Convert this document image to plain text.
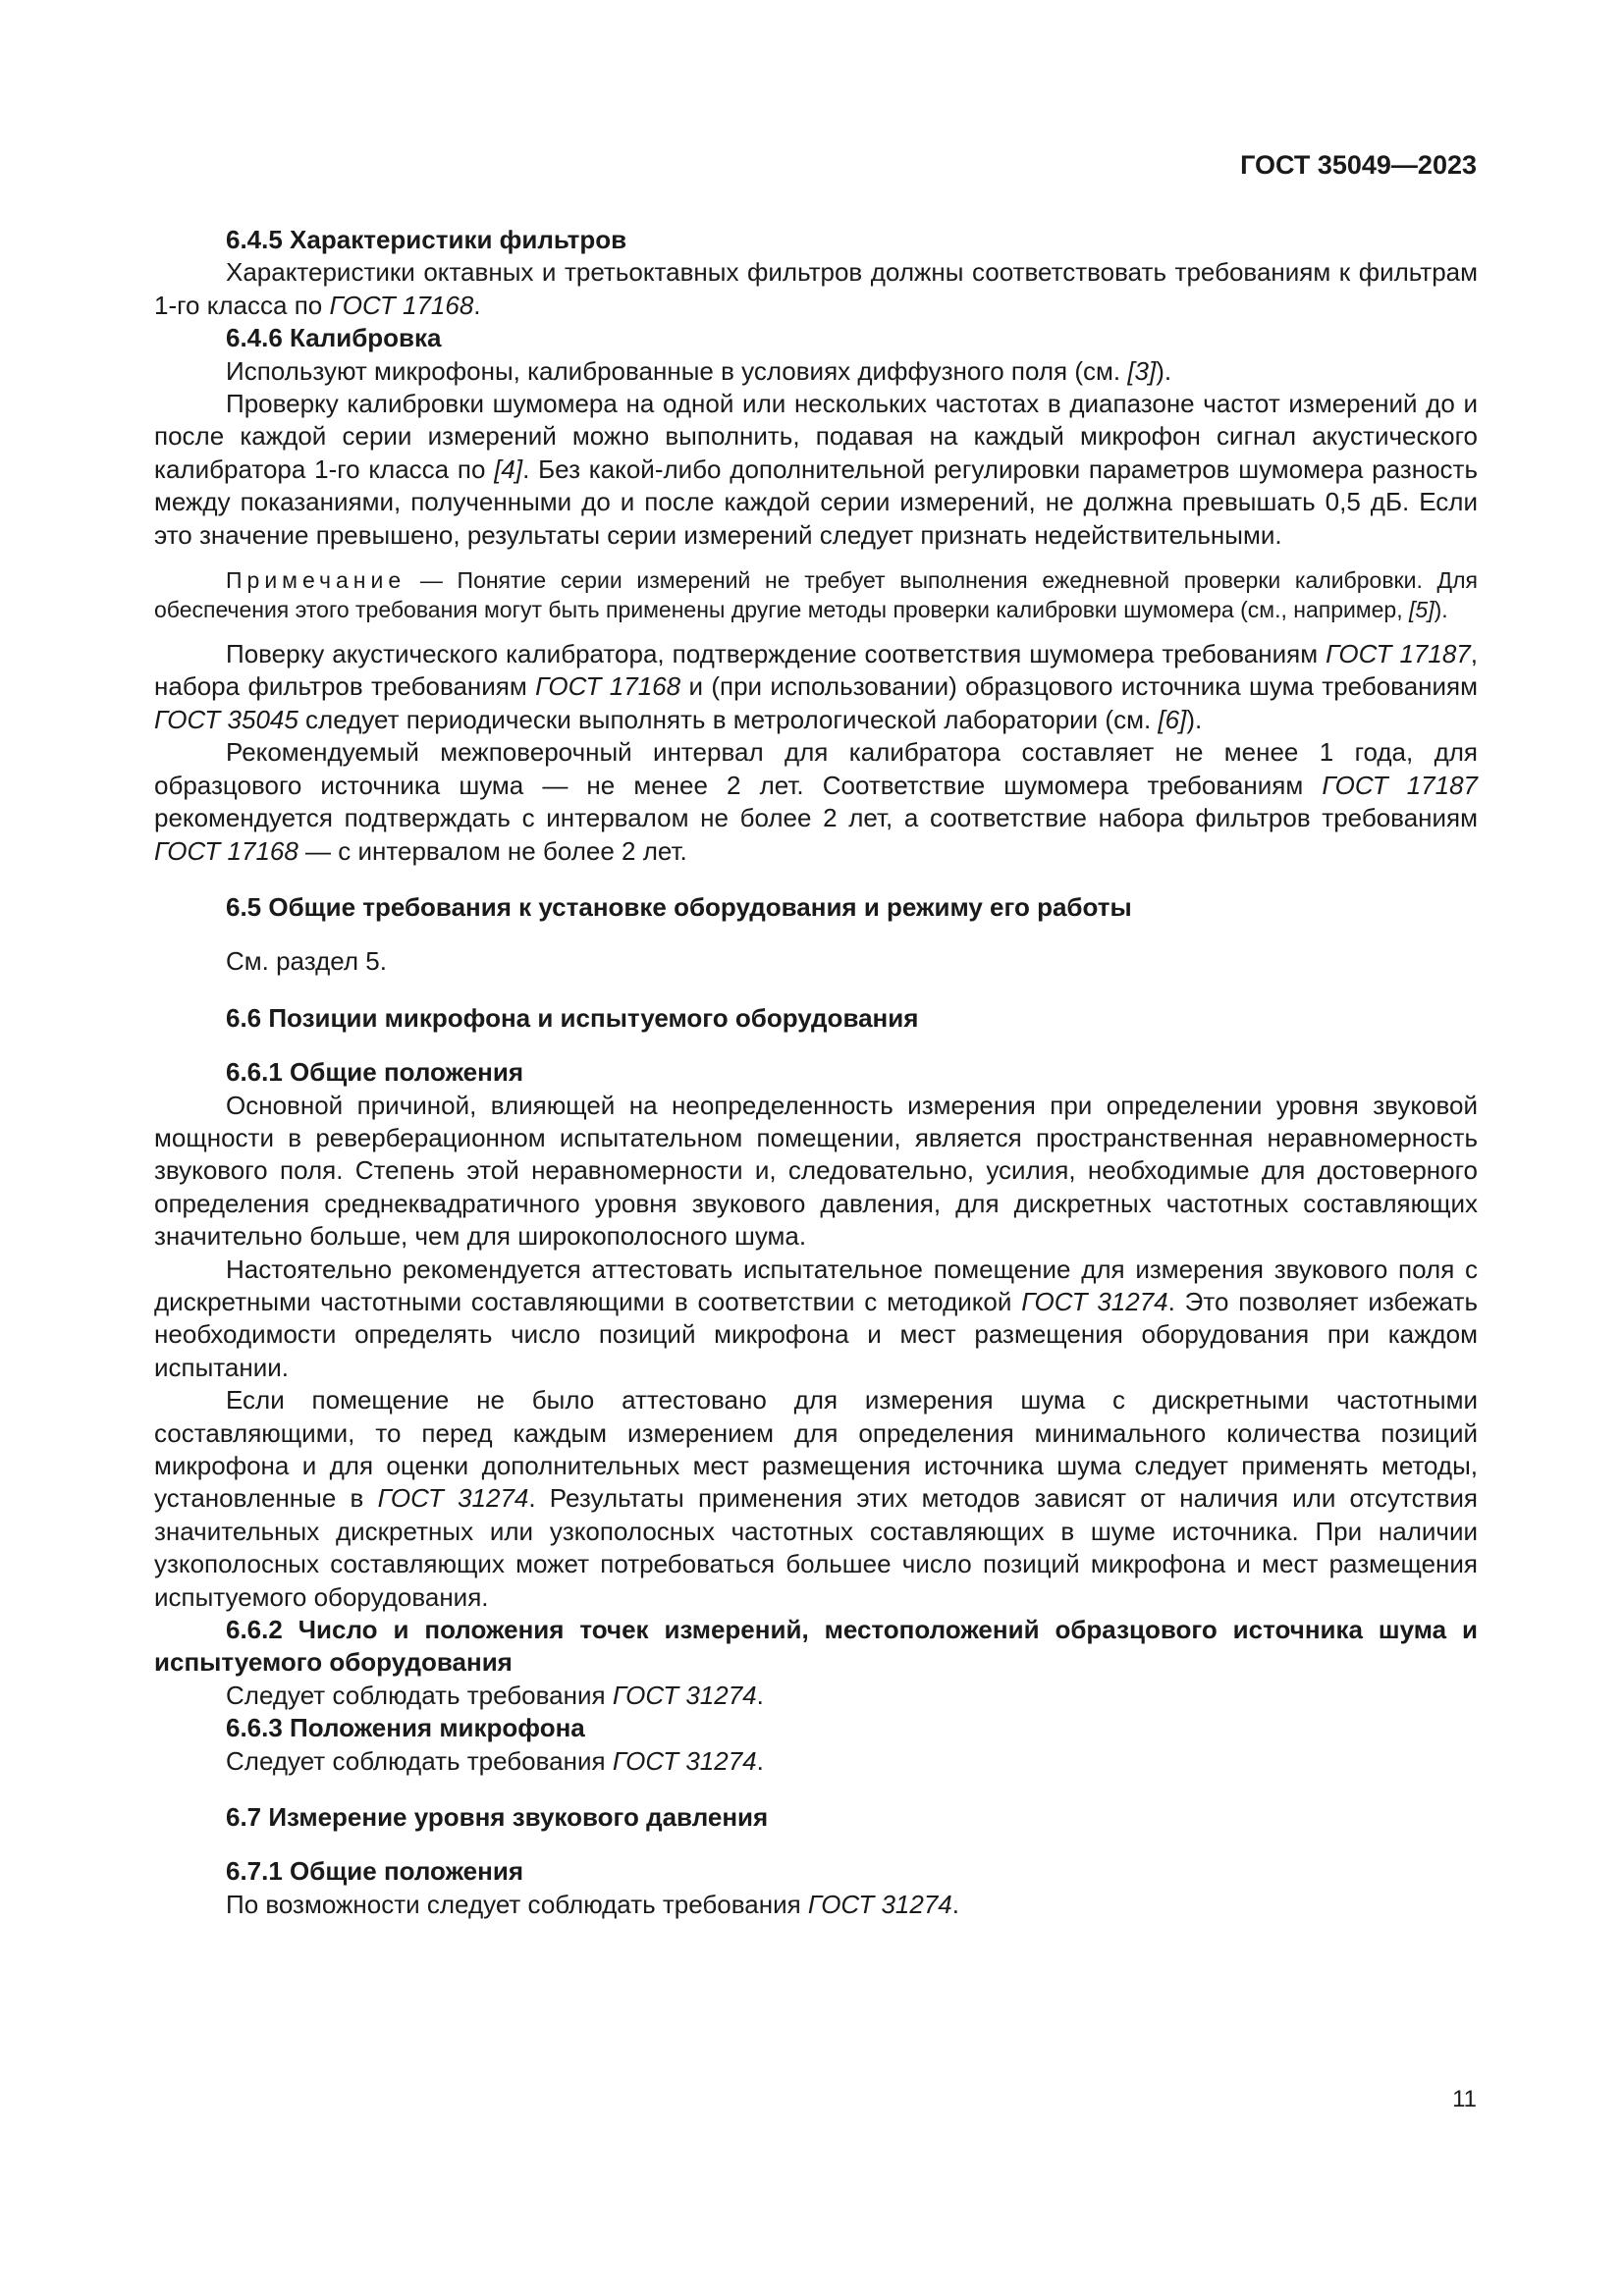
ГОСТ 35049—2023

6.4.5 Характеристики фильтров

Характеристики октавных и третьоктавных фильтров должны соответствовать требованиям к фильтрам 1-го класса по ГОСТ 17168.

6.4.6 Калибровка

Используют микрофоны, калиброванные в условиях диффузного поля (см. [3]).

Проверку калибровки шумомера на одной или нескольких частотах в диапазоне частот измерений до и после каждой серии измерений можно выполнить, подавая на каждый микрофон сигнал акустического калибратора 1-го класса по [4]. Без какой-либо дополнительной регулировки параметров шумомера разность между показаниями, полученными до и после каждой серии измерений, не должна превышать 0,5 дБ. Если это значение превышено, результаты серии измерений следует признать недействительными.

Примечание — Понятие серии измерений не требует выполнения ежедневной проверки калибровки. Для обеспечения этого требования могут быть применены другие методы проверки калибровки шумомера (см., например, [5]).

Поверку акустического калибратора, подтверждение соответствия шумомера требованиям ГОСТ 17187, набора фильтров требованиям ГОСТ 17168 и (при использовании) образцового источника шума требованиям ГОСТ 35045 следует периодически выполнять в метрологической лаборатории (см. [6]).

Рекомендуемый межповерочный интервал для калибратора составляет не менее 1 года, для образцового источника шума — не менее 2 лет. Соответствие шумомера требованиям ГОСТ 17187 рекомендуется подтверждать с интервалом не более 2 лет, а соответствие набора фильтров требованиям ГОСТ 17168 — с интервалом не более 2 лет.

6.5 Общие требования к установке оборудования и режиму его работы

См. раздел 5.

6.6 Позиции микрофона и испытуемого оборудования

6.6.1 Общие положения

Основной причиной, влияющей на неопределенность измерения при определении уровня звуковой мощности в реверберационном испытательном помещении, является пространственная неравномерность звукового поля. Степень этой неравномерности и, следовательно, усилия, необходимые для достоверного определения среднеквадратичного уровня звукового давления, для дискретных частотных составляющих значительно больше, чем для широкополосного шума.

Настоятельно рекомендуется аттестовать испытательное помещение для измерения звукового поля с дискретными частотными составляющими в соответствии с методикой ГОСТ 31274. Это позволяет избежать необходимости определять число позиций микрофона и мест размещения оборудования при каждом испытании.

Если помещение не было аттестовано для измерения шума с дискретными частотными составляющими, то перед каждым измерением для определения минимального количества позиций микрофона и для оценки дополнительных мест размещения источника шума следует применять методы, установленные в ГОСТ 31274. Результаты применения этих методов зависят от наличия или отсутствия значительных дискретных или узкополосных частотных составляющих в шуме источника. При наличии узкополосных составляющих может потребоваться большее число позиций микрофона и мест размещения испытуемого оборудования.

6.6.2 Число и положения точек измерений, местоположений образцового источника шума и испытуемого оборудования

Следует соблюдать требования ГОСТ 31274.

6.6.3 Положения микрофона

Следует соблюдать требования ГОСТ 31274.

6.7 Измерение уровня звукового давления

6.7.1 Общие положения

По возможности следует соблюдать требования ГОСТ 31274.

11
